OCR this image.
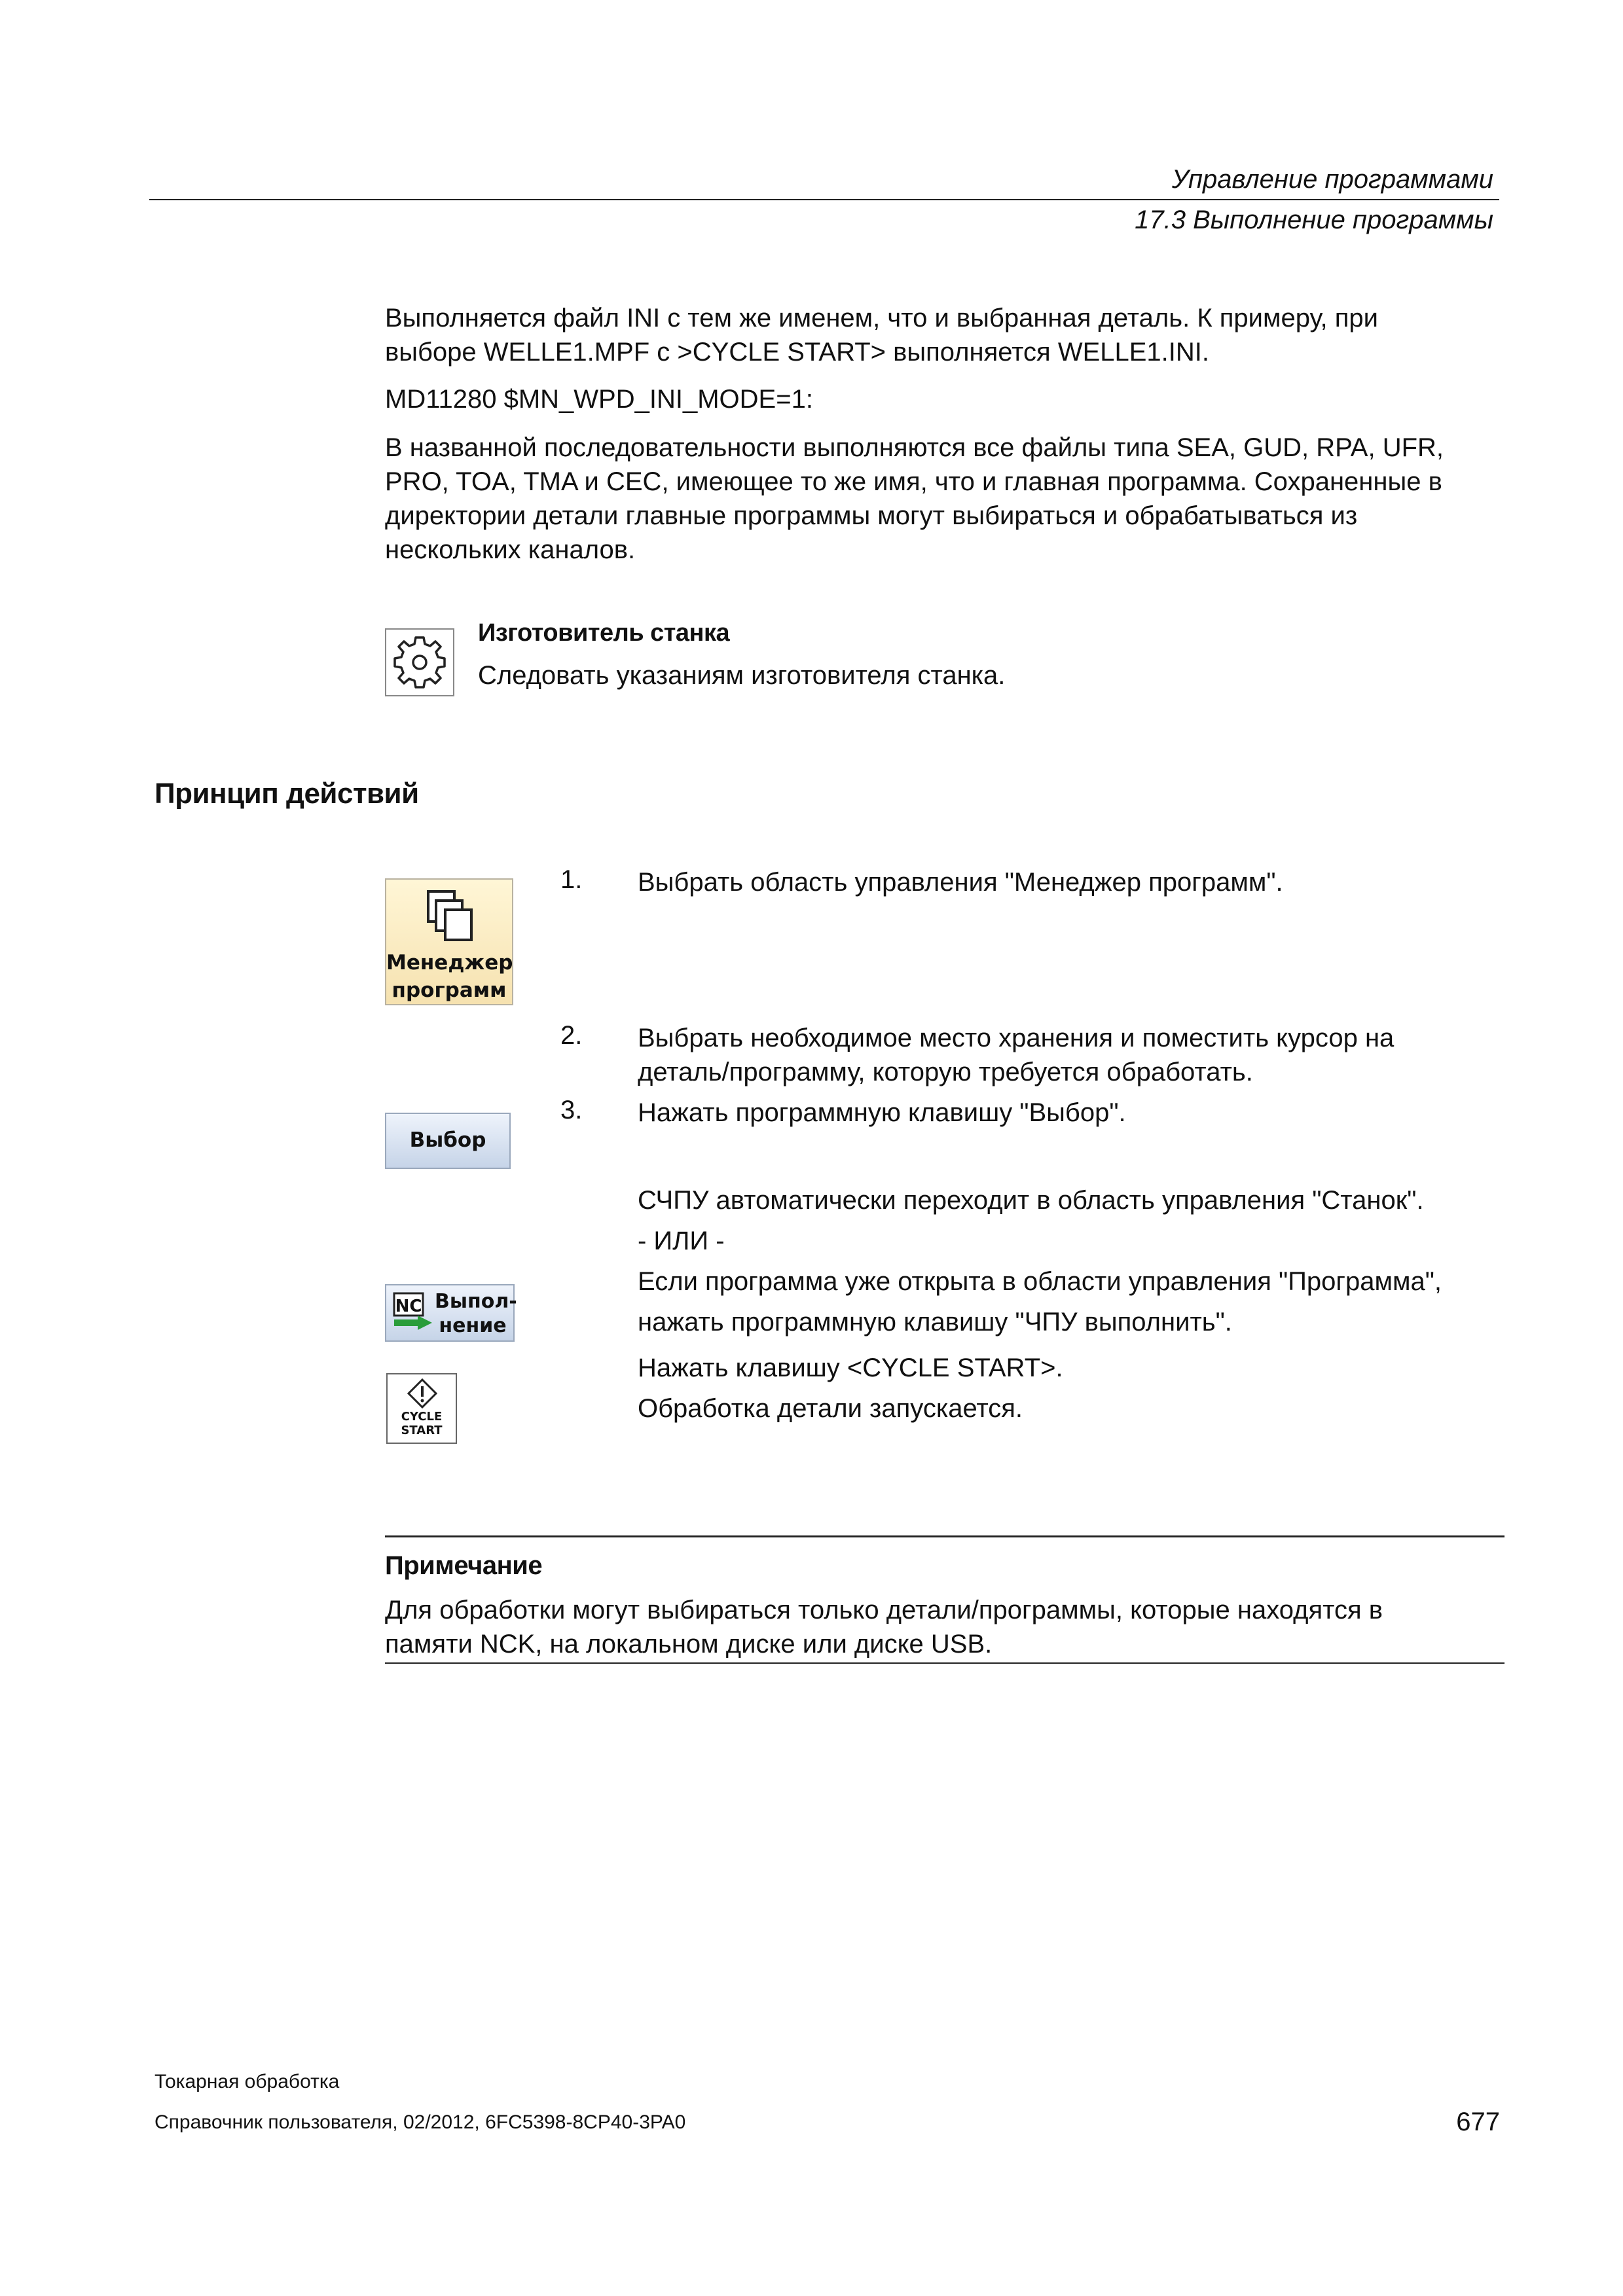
Управление программами
17.3 Выполнение программы
Выполняется файл INI с тем же именем, что и выбранная деталь. К примеру, при
выборе WELLE1.MPF с >CYCLE START> выполняется WELLE1.INI.
MD11280 $MN_WPD_INI_MODE=1:
В названной последовательности выполняются все файлы типа SEA, GUD, RPA, UFR,
PRO, TOA, TMA и CEC, имеющее то же имя, что и главная программа. Сохраненные в
директории детали главные программы могут выбираться и обрабатываться из
нескольких каналов.
Изготовитель станка
Следовать указаниям изготовителя станка.
Принцип действий
Менеджер
программ
1. Выбрать область управления "Менеджер программ".
2. Выбрать необходимое место хранения и поместить курсор на
деталь/программу, которую требуется обработать.
Выбор
3. Нажать программную клавишу "Выбор".
СЧПУ автоматически переходит в область управления "Станок".
- ИЛИ -
Если программа уже открыта в области управления "Программа",
нажать программную клавишу "ЧПУ выполнить".
NC Выпол-
нение
Нажать клавишу <CYCLE START>.
Обработка детали запускается.
CYCLE
START
Примечание
Для обработки могут выбираться только детали/программы, которые находятся в
памяти NCK, на локальном диске или диске USB.
Токарная обработка
Справочник пользователя, 02/2012, 6FC5398-8CP40-3PA0	677
